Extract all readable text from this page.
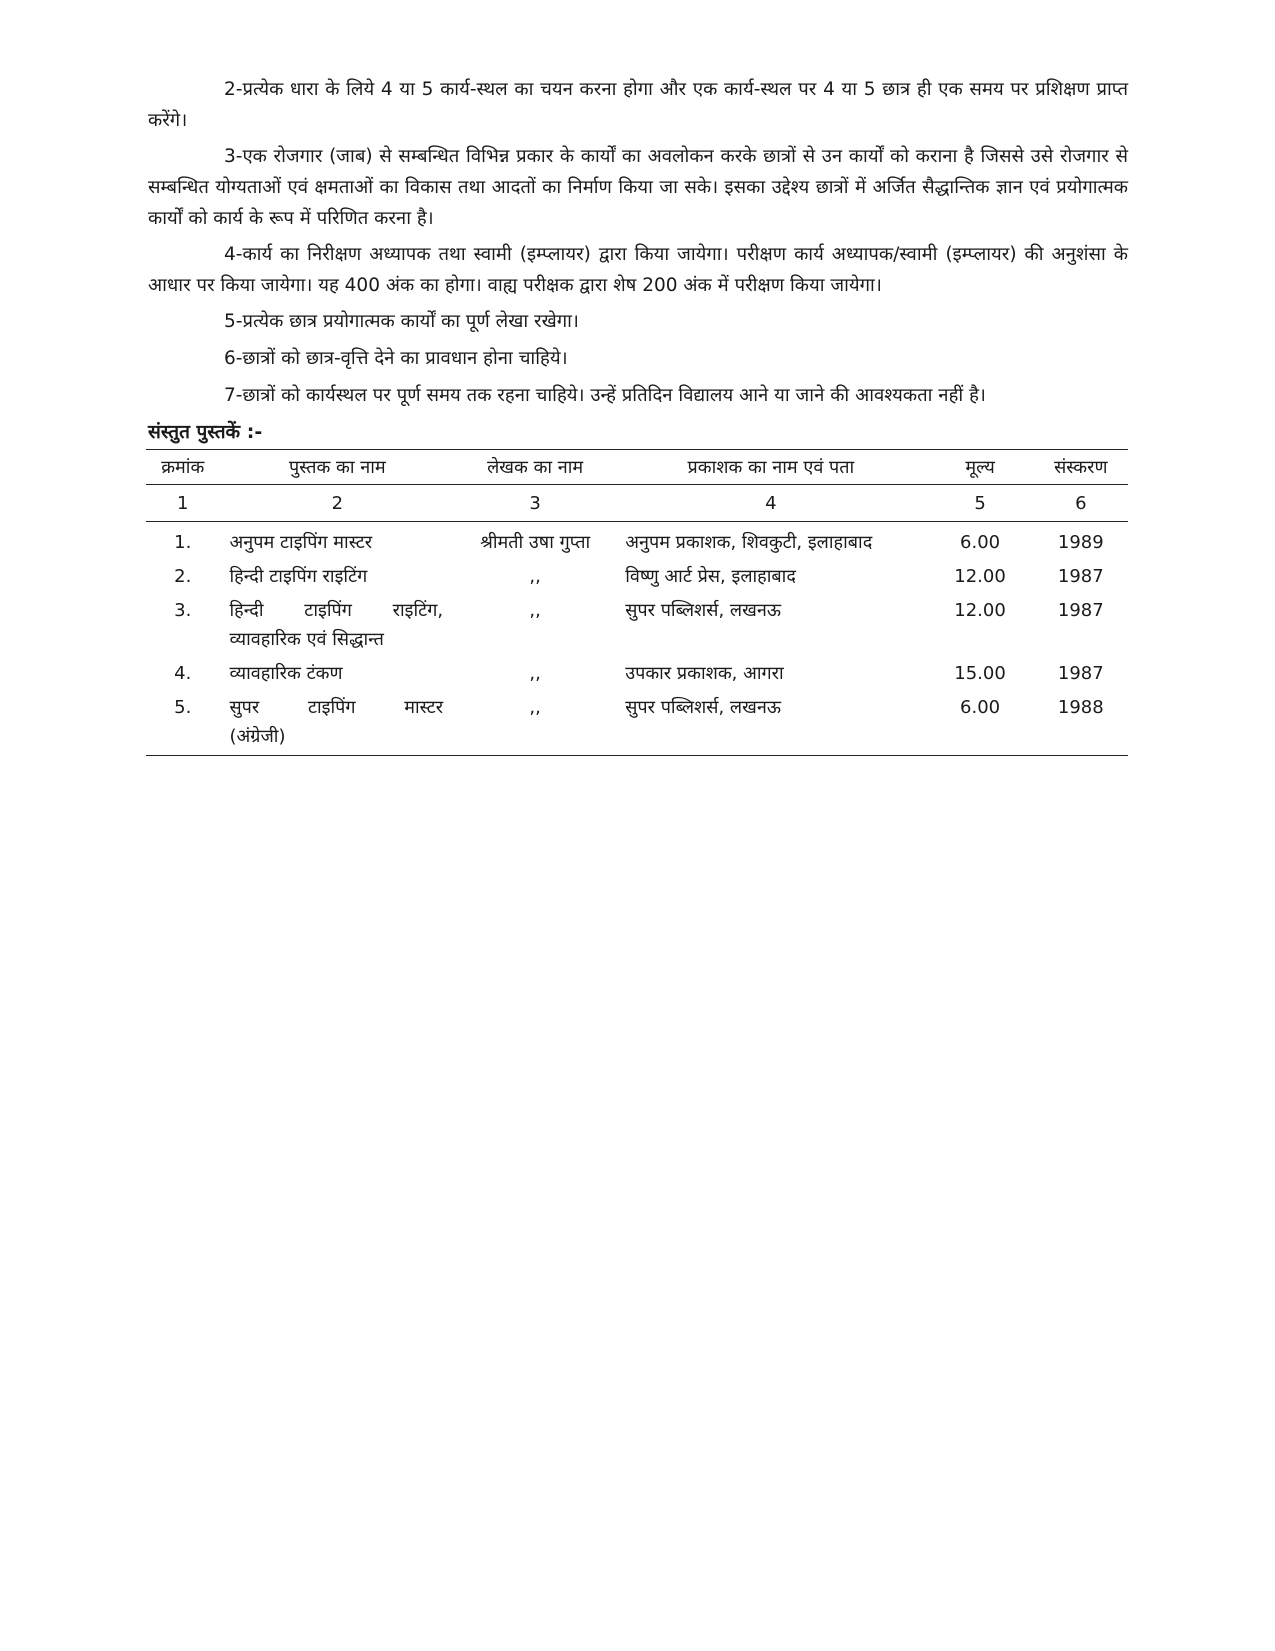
2-प्रत्येक धारा के लिये 4 या 5 कार्य-स्थल का चयन करना होगा और एक कार्य-स्थल पर 4 या 5 छात्र ही एक समय पर प्रशिक्षण प्राप्त करेंगे।

3-एक रोजगार (जाब) से सम्बन्धित विभिन्न प्रकार के कार्यों का अवलोकन करके छात्रों से उन कार्यों को कराना है जिससे उसे रोजगार से सम्बन्धित योग्यताओं एवं क्षमताओं का विकास तथा आदतों का निर्माण किया जा सके। इसका उद्देश्य छात्रों में अर्जित सैद्धान्तिक ज्ञान एवं प्रयोगात्मक कार्यों को कार्य के रूप में परिणित करना है।

4-कार्य का निरीक्षण अध्यापक तथा स्वामी (इम्प्लायर) द्वारा किया जायेगा। परीक्षण कार्य अध्यापक/स्वामी (इम्प्लायर) की अनुशंसा के आधार पर किया जायेगा। यह 400 अंक का होगा। वाह्य परीक्षक द्वारा शेष 200 अंक में परीक्षण किया जायेगा।

5-प्रत्येक छात्र प्रयोगात्मक कार्यों का पूर्ण लेखा रखेगा।

6-छात्रों को छात्र-वृत्ति देने का प्रावधान होना चाहिये।

7-छात्रों को कार्यस्थल पर पूर्ण समय तक रहना चाहिये। उन्हें प्रतिदिन विद्यालय आने या जाने की आवश्यकता नहीं है।

संस्तुत पुस्तकें :-
क्रमांक	पुस्तक का नाम	लेखक का नाम	प्रकाशक का नाम एवं पता	मूल्य	संस्करण
1	2	3	4	5	6
1.	अनुपम टाइपिंग मास्टर	श्रीमती उषा गुप्ता	अनुपम प्रकाशक, शिवकुटी, इलाहाबाद	6.00	1989
2.	हिन्दी टाइपिंग राइटिंग	,,	विष्णु आर्ट प्रेस, इलाहाबाद	12.00	1987
3.	हिन्दी टाइपिंग राइटिंग,
व्यावहारिक एवं सिद्धान्त	,,	सुपर पब्लिशर्स, लखनऊ	12.00	1987
4.	व्यावहारिक टंकण	,,	उपकार प्रकाशक, आगरा	15.00	1987
5.	सुपर टाइपिंग मास्टर
(अंग्रेजी)	,,	सुपर पब्लिशर्स, लखनऊ	6.00	1988
